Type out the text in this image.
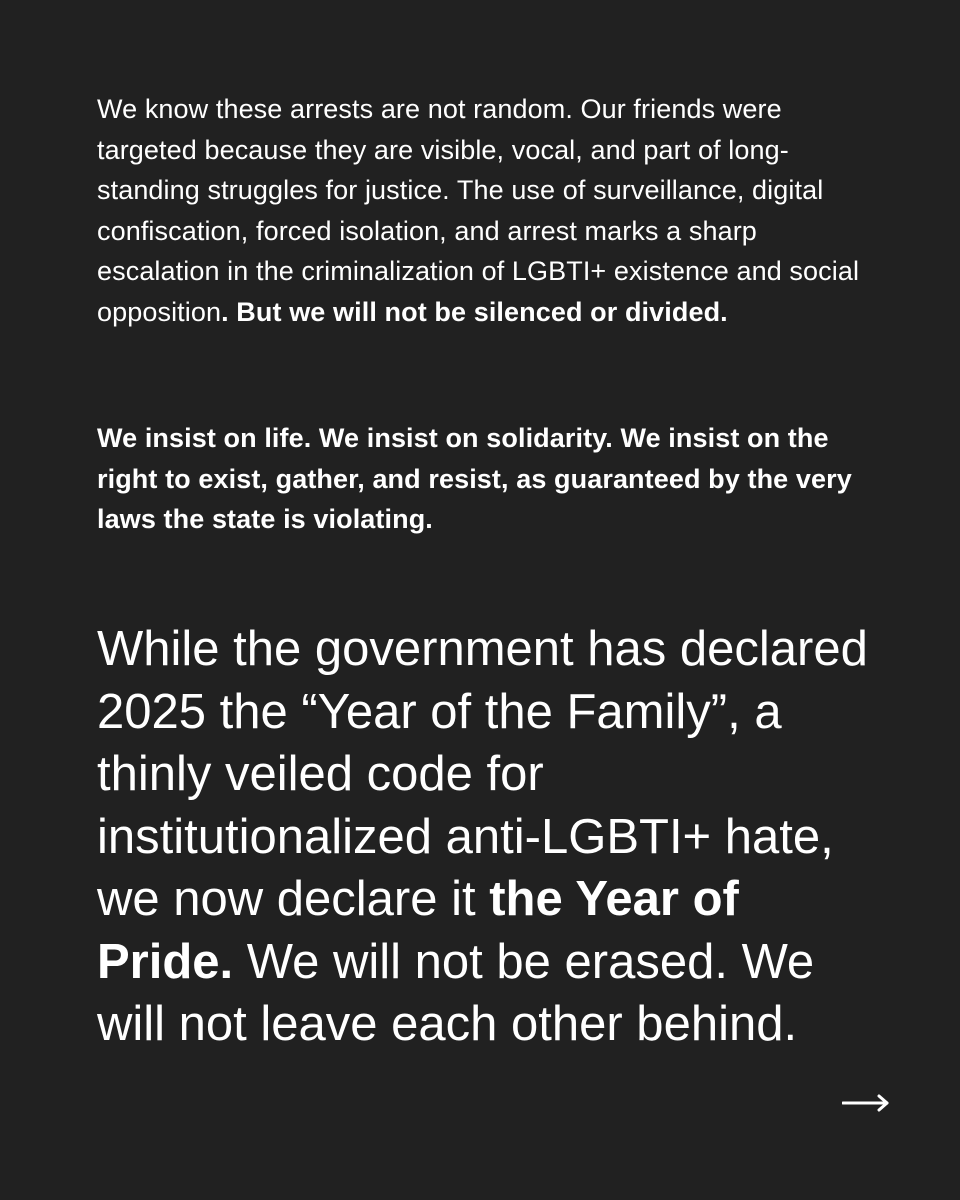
We know these arrests are not random. Our friends were targeted because they are visible, vocal, and part of long-standing struggles for justice. The use of surveillance, digital confiscation, forced isolation, and arrest marks a sharp escalation in the criminalization of LGBTI+ existence and social opposition. But we will not be silenced or divided.

We insist on life. We insist on solidarity. We insist on the right to exist, gather, and resist, as guaranteed by the very laws the state is violating.

While the government has declared 2025 the “Year of the Family”, a thinly veiled code for institutionalized anti-LGBTI+ hate, we now declare it the Year of Pride. We will not be erased. We will not leave each other behind.
